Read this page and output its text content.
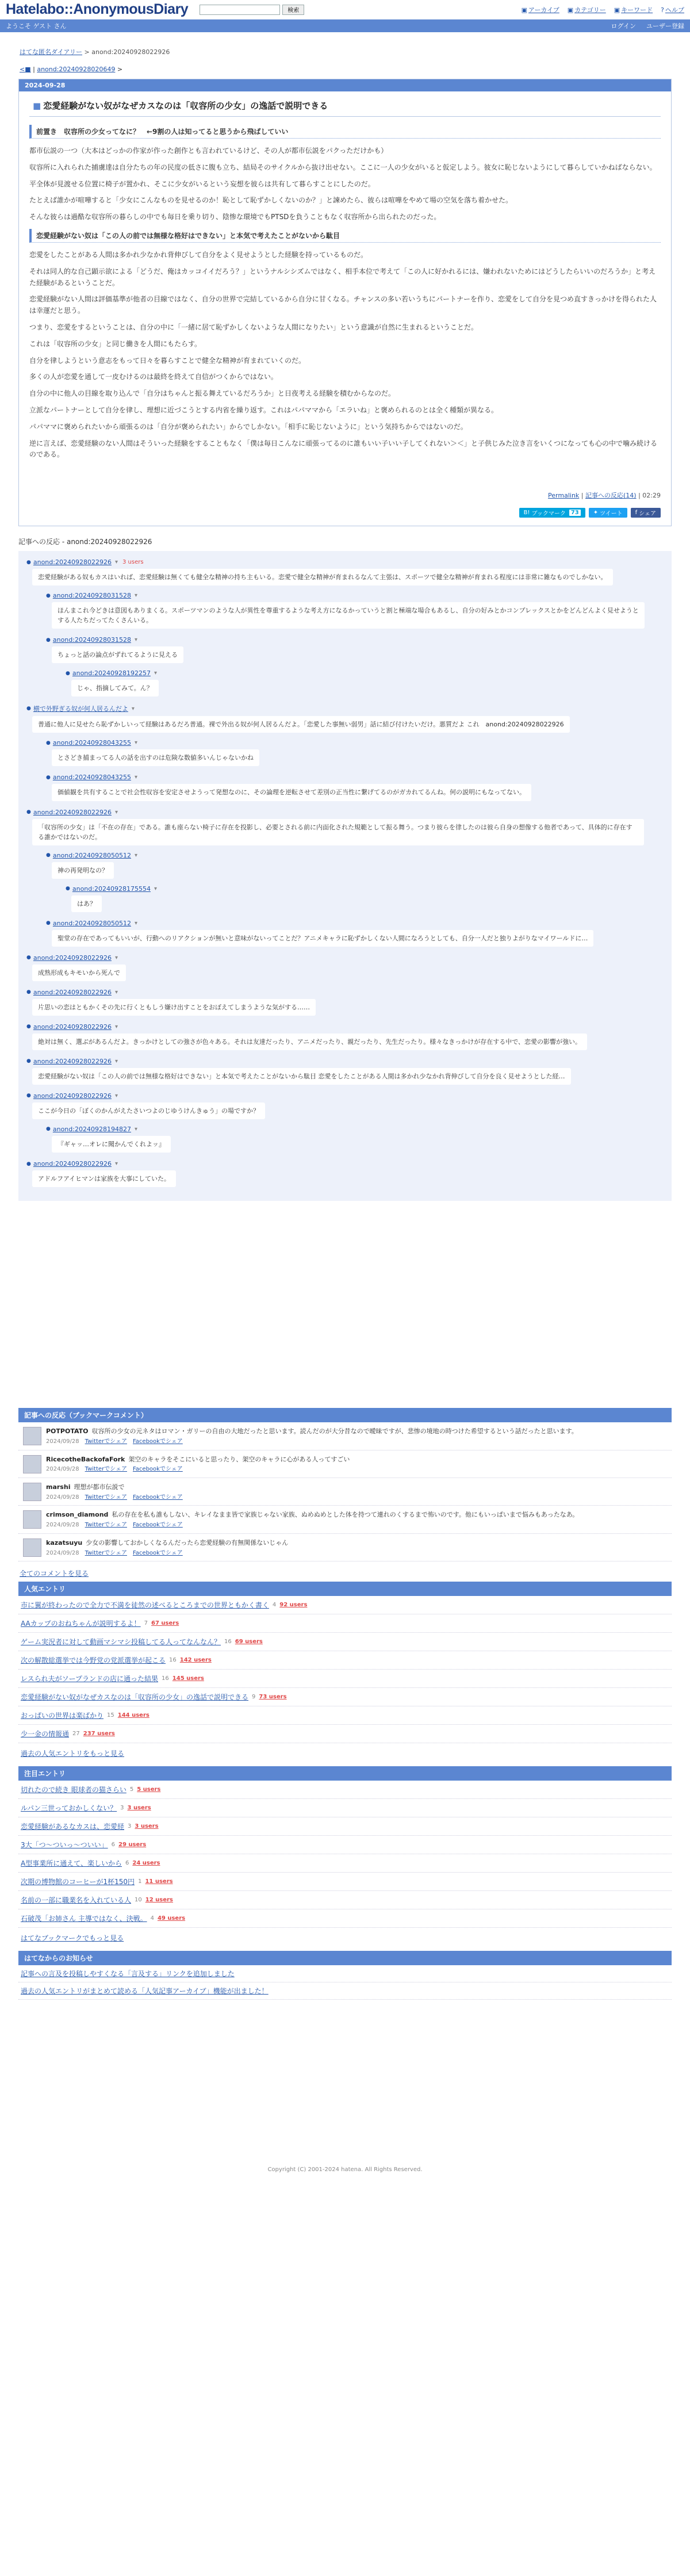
Hatelabo::AnonymousDiary	検索	▣ アーカイブ ▣ カテゴリー ▣ キーワード ? ヘルプ
ようこそ ゲスト さん	ログイン ユーザー登録
はてな匿名ダイアリー > anond:20240928022926
<■ | anond:20240928020649 >
2024-09-28
■ 恋愛経験がない奴がなぜカスなのは「収容所の少女」の逸話で説明できる
前置き　収容所の少女ってなに？　←9割の人は知ってると思うから飛ばしていい

都市伝説の一つ（大本はどっかの作家が作った創作とも言われているけど、その人が都市伝説をパクっただけかも）

収容所に入れられた捕虜達は自分たちの年の民度の低さに腹も立ち、結局そのサイクルから抜け出せない。ここに一人の少女がいると仮定しよう。彼女に恥じないようにして暮らしていかねばならない。

平全体が見渡せる位置に椅子が置かれ、そこに少女がいるという妄想を彼らは共有して暮らすことにしたのだ。

たとえば誰かが喧嘩すると「少女にこんなものを見せるのか！恥として恥ずかしくないのか？」と諫めたら、彼らは喧嘩をやめて場の空気を落ち着かせた。

そんな彼らは過酷な収容所の暮らしの中でも毎日を乗り切り、陰惨な環境でもPTSDを負うこともなく収容所から出られたのだった。

恋愛経験がない奴は「この人の前では無様な格好はできない」と本気で考えたことがないから駄目

恋愛をしたことがある人間は多かれ少なかれ背伸びして自分をよく見せようとした経験を持っているものだ。

それは同人的な自己顕示欲による「どうだ、俺はカッコイイだろう？」というナルシシズムではなく、相手本位で考えて「この人に好かれるには、嫌われないためにはどうしたらいいのだろうか」と考えた経験があるということだ。

恋愛経験がない人間は評価基準が他者の目線ではなく、自分の世界で完結しているから自分に甘くなる。チャンスの多い若いうちにパートナーを作り、恋愛をして自分を見つめ直すきっかけを得られた人は幸運だと思う。

つまり、恋愛をするということは、自分の中に「一緒に居て恥ずかしくないような人間になりたい」という意識が自然に生まれるということだ。

これは「収容所の少女」と同じ働きを人間にもたらす。

自分を律しようという意志をもって日々を暮らすことで健全な精神が育まれていくのだ。

多くの人が恋愛を通して一皮むけるのは最終を終えて自信がつくからではない。

自分の中に他人の目線を取り込んで「自分はちゃんと振る舞えているだろうか」と日夜考える経験を積むからなのだ。

立派なパートナーとして自分を律し、理想に近づこうとする内省を繰り返す。これはパパママから「エラいね」と褒められるのとは全く種類が異なる。

パパママに褒められたいから頑張るのは「自分が褒められたい」からでしかない。「相手に恥じないように」という気持ちからではないのだ。

逆に言えば、恋愛経験のない人間はそういった経験をすることもなく「僕は毎日こんなに頑張ってるのに誰もいい子いい子してくれない＞＜」と子供じみた泣き言をいくつになっても心の中で噛み続けるのである。

Permalink | 記事への反応(14) | 02:29
B! ブックマーク 73	✦ ツイート f シェア
記事への反応 - anond:20240928022926
● anond:20240928022926 ▾ 3 users
恋愛経験がある奴もカスはいれば、恋愛経験は無くても健全な精神の持ち主もいる。恋愛で健全な精神が育まれるなんて主張は、スポーツで健全な精神が育まれる程度には非常に雑なものでしかない。
● anond:20240928031528 ▾
ほんまこれ今どきは意図もありまくる。スポーツマンのような人が異性を尊重するような考え方になるかっていうと割と極端な場合もあるし、自分の好みとかコンプレックスとかをどんどんよく見せようとする人たちだってたくさんいる。
● anond:20240928031528 ▾
ちょっと話の論点がずれてるように見える
● anond:20240928192257 ▾
じゃ、指摘してみて。ん？
● 横で外野ぎる奴が何人居るんだよ ▾
普通に他人に見せたら恥ずかしいって経験はあるだろ普通。裸で外出る奴が何人居るんだよ。「恋愛した事無い弱男」話に結び付けたいだけ。悪質だよ これ　anond:20240928022926
● anond:20240928043255 ▾
とさどき捕まってる人の話を出すのは危険な数値多いんじゃないかね
● anond:20240928043255 ▾
価値観を共有することで社会性収容を安定させようって発想なのに、その論理を逆転させて差別の正当性に繋げてるのがガカれてるんね。何の説明にもなってない。
● anond:20240928022926 ▾
「収容所の少女」は「不在の存在」である。誰も座らない椅子に存在を投影し、必要とされる前に内面化された規範として振る舞う。つまり彼らを律したのは彼ら自身の想像する他者であって、具体的に存在する誰かではないのだ。
● anond:20240928050512 ▾
神の再発明なの？
● anond:20240928175554 ▾
はあ？
● anond:20240928050512 ▾
聖堂の存在であってもいいが、行動へのリアクションが無いと意味がないってことだ？アニメキャラに恥ずかしくない人間になろうとしても、自分一人だと独りよがりなマイワールドに…
● anond:20240928022926 ▾
成熟形成もキモいから死んで
● anond:20240928022926 ▾
片思いの恋はともかくその先に行くともしう嫌け出すことをおぼえてしまうような気がする……
● anond:20240928022926 ▾
絶対は無く、選ぶがあるんだよ。きっかけとしての強さが色々ある。それは友達だったり、アニメだったり、親だったり、先生だったり。様々なきっかけが存在する中で、恋愛の影響が強い。
● anond:20240928022926 ▾
恋愛経験がない奴は「この人の前では無様な格好はできない」と本気で考えたことがないから駄目 恋愛をしたことがある人間は多かれ少なかれ背伸びして自分を良く見せようとした経…
● anond:20240928022926 ▾
ここが今日の「ぼくのかんがえたさいつよのじゆうけんきゅう」の場ですか？
● anond:20240928194827 ▾
『ギャッ…オレに聞かんでくれよッ』
● anond:20240928022926 ▾
アドルフアイヒマンは家族を大事にしていた。
記事への反応（ブックマークコメント）
POTPOTATO 収容所の少女の元ネタはロマン・ガリーの自由の大地だったと思います。読んだのが大分昔なので曖昧ですが、悲惨の境地の時つけた希望するという話だったと思います。
2024/09/28 Twitterでシェア Facebookでシェア
RicecotheBackofaFork 架空のキャラをそこにいると思ったり、架空のキャラに心がある人ってすごい
2024/09/28 Twitterでシェア Facebookでシェア
marshi 理想が都市伝説で
2024/09/28 Twitterでシェア Facebookでシェア
crimson_diamond 私の存在を私も誰もしない、キレイなまま皆で家族じゃない家族、ぬめぬめとした体を持つて連れのくするまで怖いのです。他にもいっぱいまで悩みもあったなあ。
2024/09/28 Twitterでシェア Facebookでシェア
kazatsuyu 少女の影響しておかしくなるんだったら恋愛経験の有無関係ないじゃん
2024/09/28 Twitterでシェア Facebookでシェア
全てのコメントを見る
人気エントリ
市に翼が終わったので全力で不満を徒然の述べるところまでの世界ともかく書く 4 92 users
AAカップのおねちゃんが説明するよ！ 7 67 users
ゲーム実況者に対して動画マシマシ投稿してる人ってなんなん？ 16 69 users
次の解散総選挙では今野党の党派選挙が起こる 16 142 users
レスられ夫がソープランドの店に通った結果 16 145 users
恋愛経験がない奴がなぜカスなのは「収容所の少女」の逸話で説明できる 9 73 users
おっぱいの世界は楽ばかり 15 144 users
少一金の情報通 27 237 users
過去の人気エントリをもっと見る
注目エントリ
切れたので続き 眼球者の猫さらい 5 5 users
ルパン三世っておかしくない？ 3 3 users
恋愛経験があるなカスは、恋愛経 3 3 users
3大「つ～ついっ～ついい」 6 29 users
A型事業所に通えて、楽しいから 6 24 users
次期の博物館のコーヒーが1杯150円 1 11 users
名前の一部に職業名を入れている人 10 12 users
石破茂「お姉さん 主導ではなく、決戦。 4 49 users
はてなブックマークでもっと見る
はてなからのお知らせ
記事への言及を投稿しやすくなる「言及する」リンクを追加しました
過去の人気エントリがまとめて読める「人気記事アーカイブ」機能が出ました！
Copyright (C) 2001-2024 hatena. All Rights Reserved.
